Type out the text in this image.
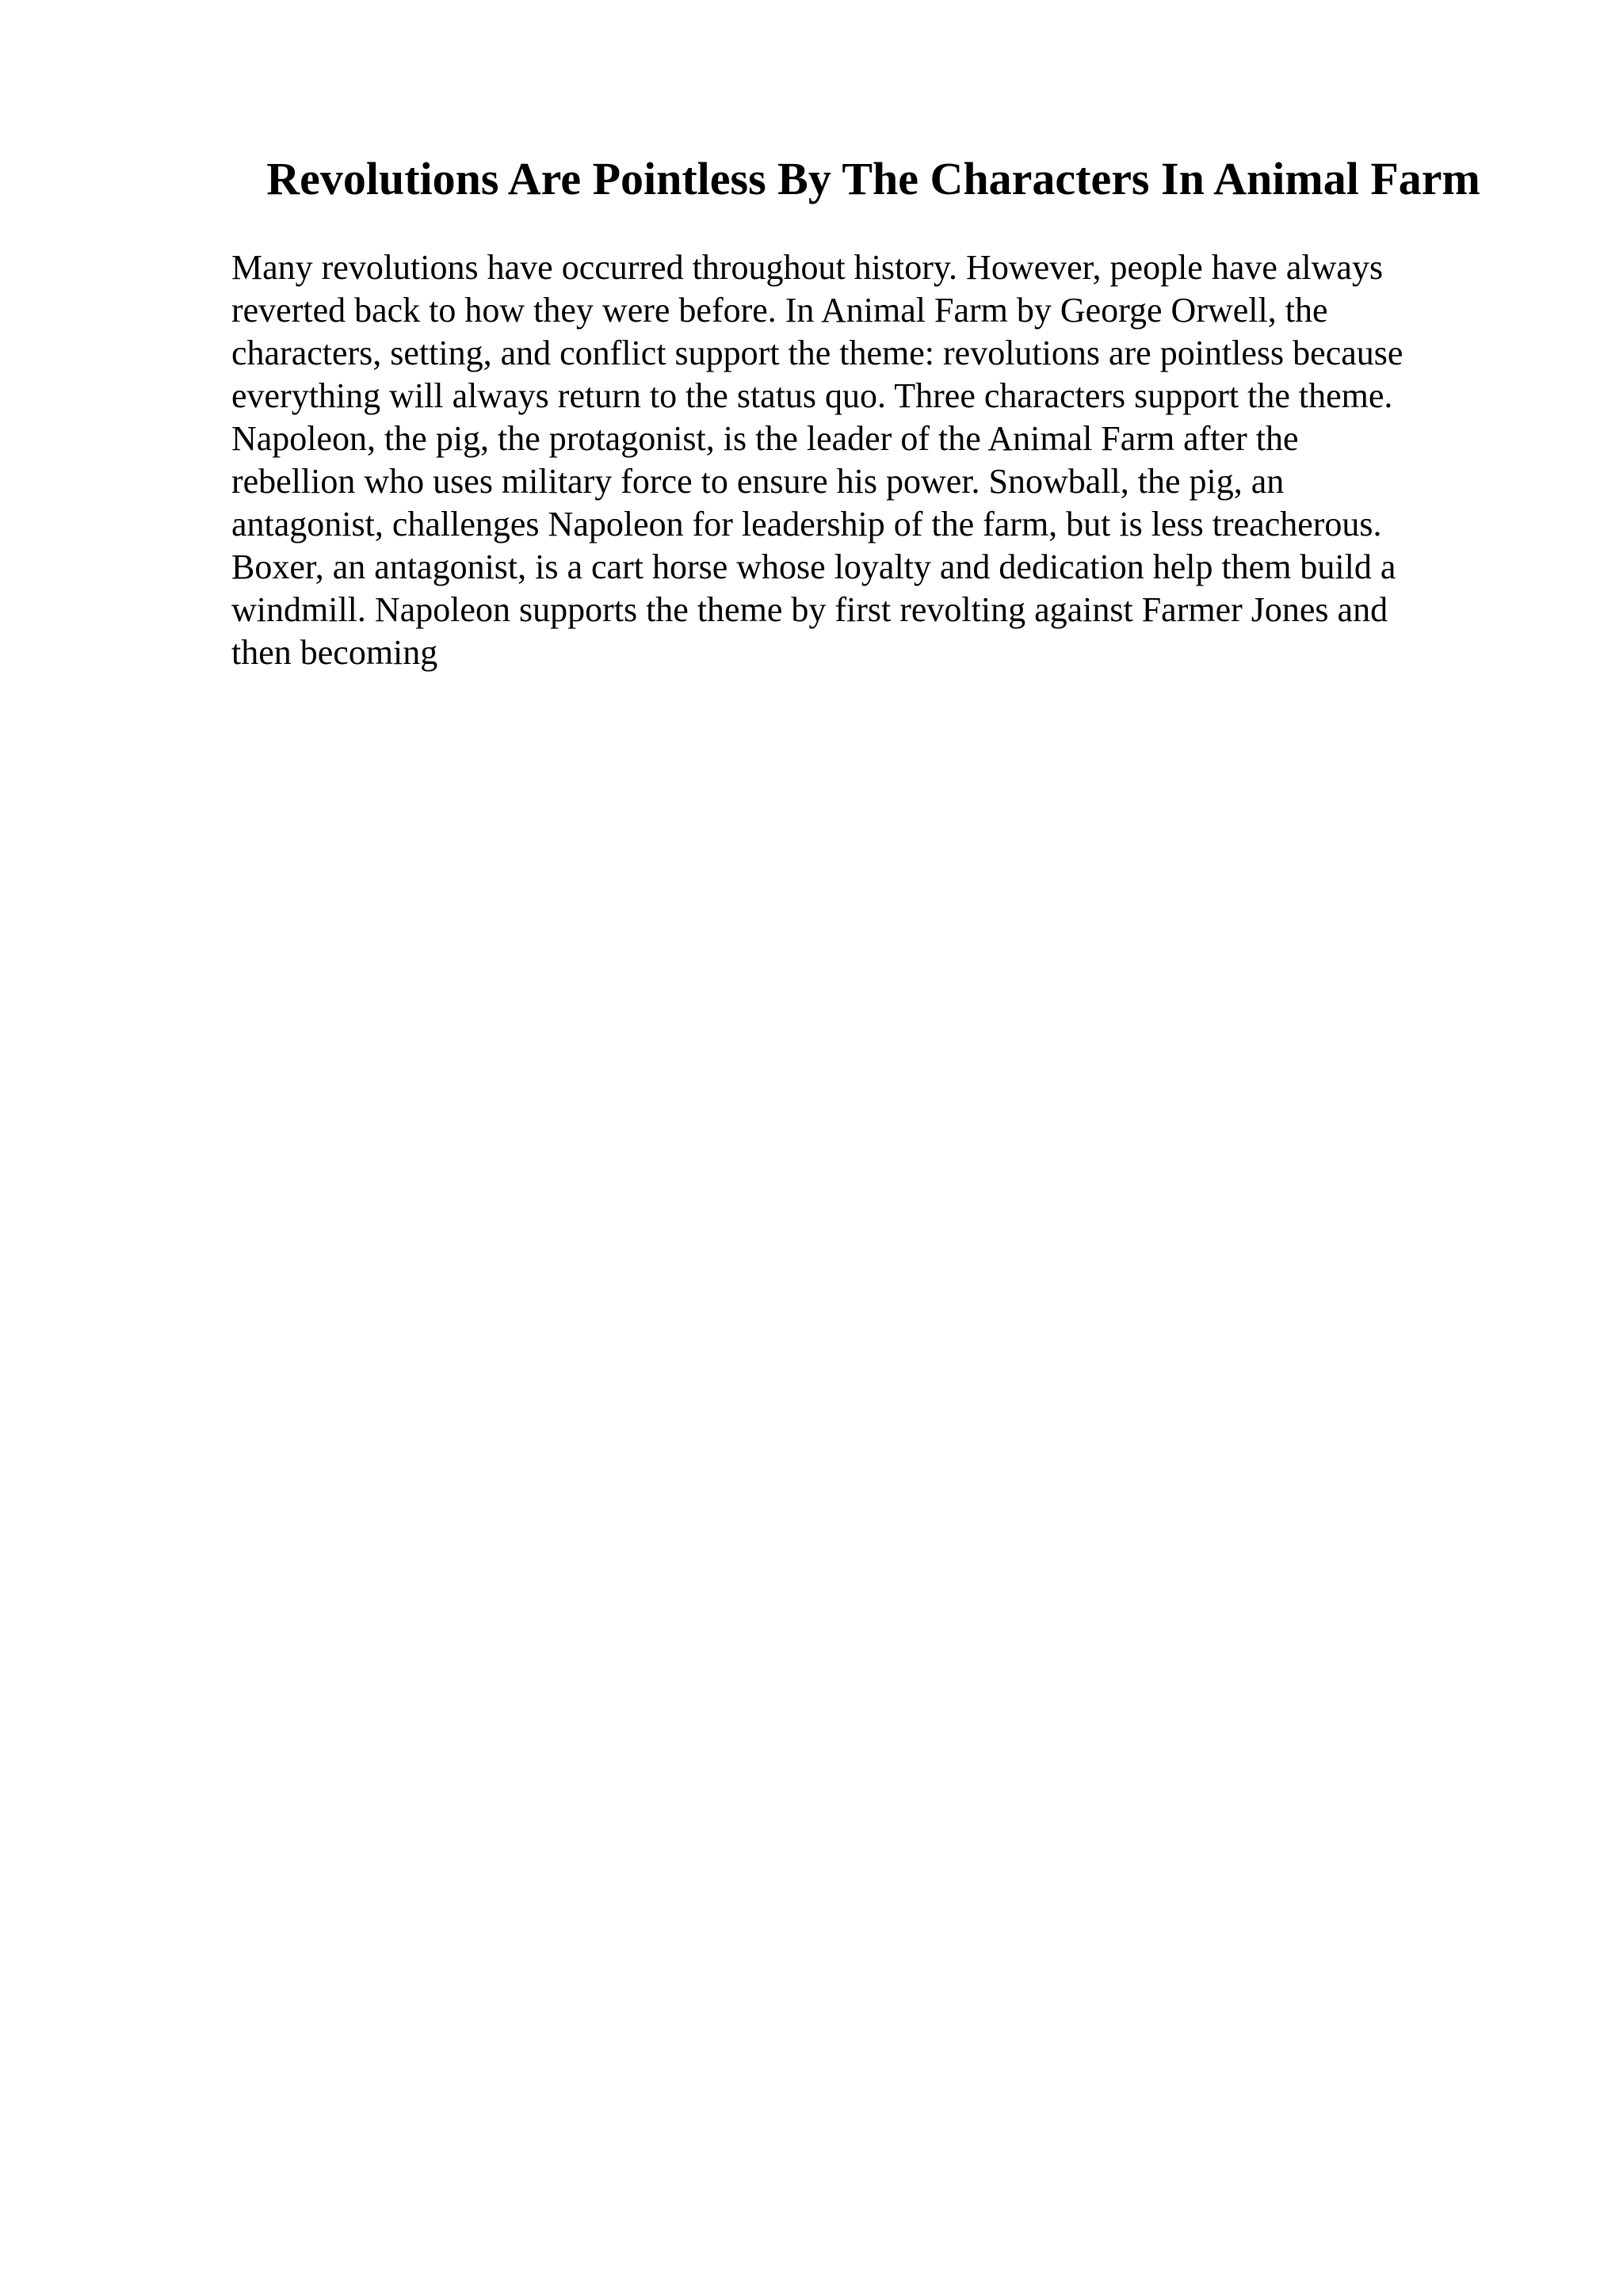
Revolutions Are Pointless By The Characters In Animal Farm

Many revolutions have occurred throughout history. However, people have always
reverted back to how they were before. In Animal Farm by George Orwell, the
characters, setting, and conflict support the theme: revolutions are pointless because
everything will always return to the status quo. Three characters support the theme.
Napoleon, the pig, the protagonist, is the leader of the Animal Farm after the
rebellion who uses military force to ensure his power. Snowball, the pig, an
antagonist, challenges Napoleon for leadership of the farm, but is less treacherous.
Boxer, an antagonist, is a cart horse whose loyalty and dedication help them build a
windmill. Napoleon supports the theme by first revolting against Farmer Jones and
then becoming
